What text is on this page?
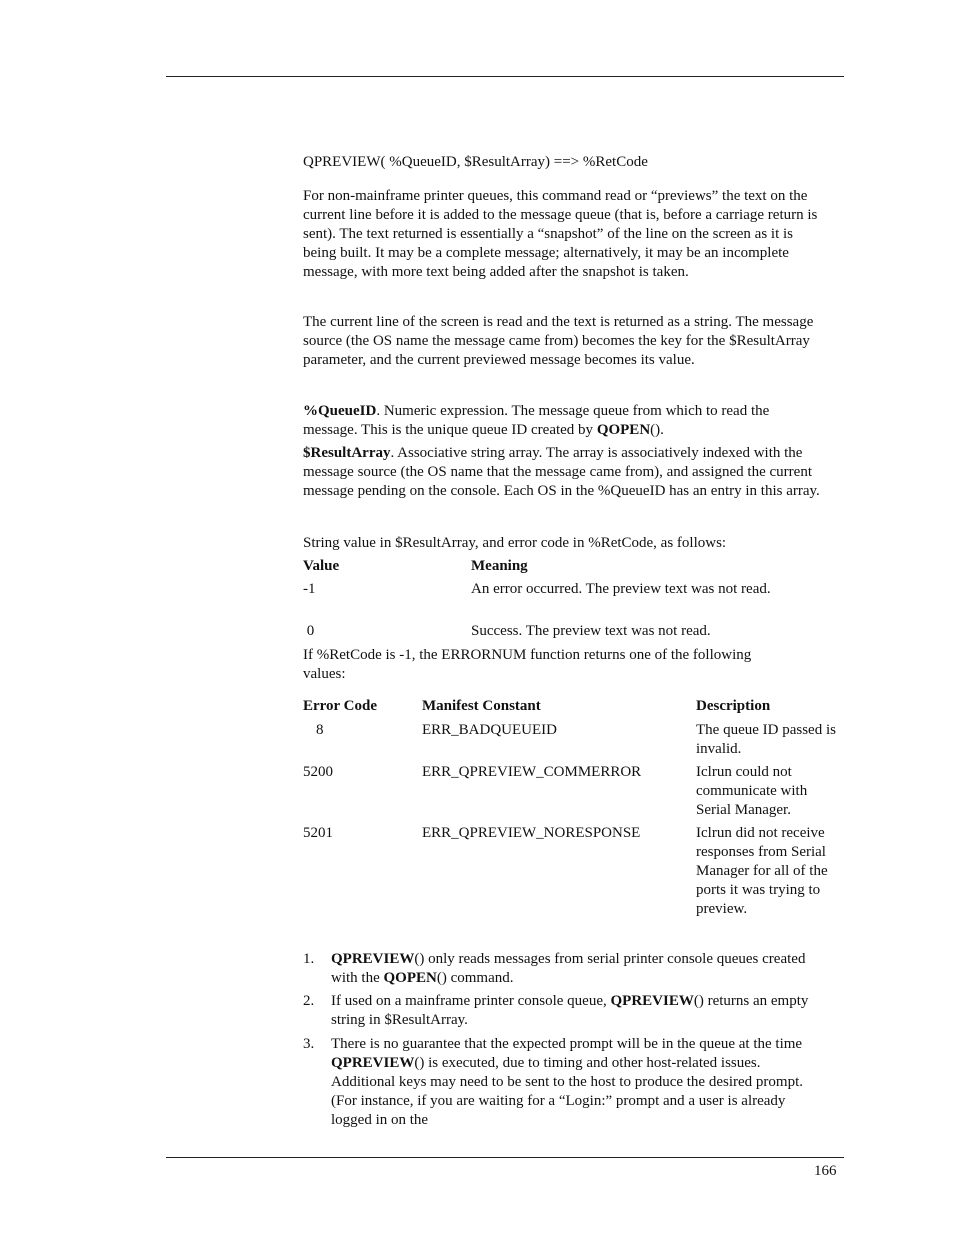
QPREVIEW( %QueueID, $ResultArray) ==> %RetCode

For non-mainframe printer queues, this command read or “previews” the text on the current line before it is added to the message queue (that is, before a carriage return is sent). The text returned is essentially a “snapshot” of the line on the screen as it is being built. It may be a complete message; alternatively, it may be an incomplete message, with more text being added after the snapshot is taken.

The current line of the screen is read and the text is returned as a string. The message source (the OS name the message came from) becomes the key for the $ResultArray parameter, and the current previewed message becomes its value.

%QueueID. Numeric expression. The message queue from which to read the message. This is the unique queue ID created by QOPEN().

$ResultArray. Associative string array. The array is associatively indexed with the message source (the OS name that the message came from), and assigned the current message pending on the console. Each OS in the %QueueID has an entry in this array.

String value in $ResultArray, and error code in %RetCode, as follows:

Value	Meaning
-1	An error occurred. The preview text was not read.
0	Success. The preview text was not read.

If %RetCode is -1, the ERRORNUM function returns one of the following values:

Error Code	Manifest Constant	Description
8	ERR_BADQUEUEID	The queue ID passed is invalid.
5200	ERR_QPREVIEW_COMMERROR	Iclrun could not communicate with Serial Manager.
5201	ERR_QPREVIEW_NORESPONSE	Iclrun did not receive responses from Serial Manager for all of the ports it was trying to preview.
1. QPREVIEW() only reads messages from serial printer console queues created with the QOPEN() command.
2. If used on a mainframe printer console queue, QPREVIEW() returns an empty string in $ResultArray.
3. There is no guarantee that the expected prompt will be in the queue at the time QPREVIEW() is executed, due to timing and other host-related issues. Additional keys may need to be sent to the host to produce the desired prompt. (For instance, if you are waiting for a “Login:” prompt and a user is already logged in on the
166
